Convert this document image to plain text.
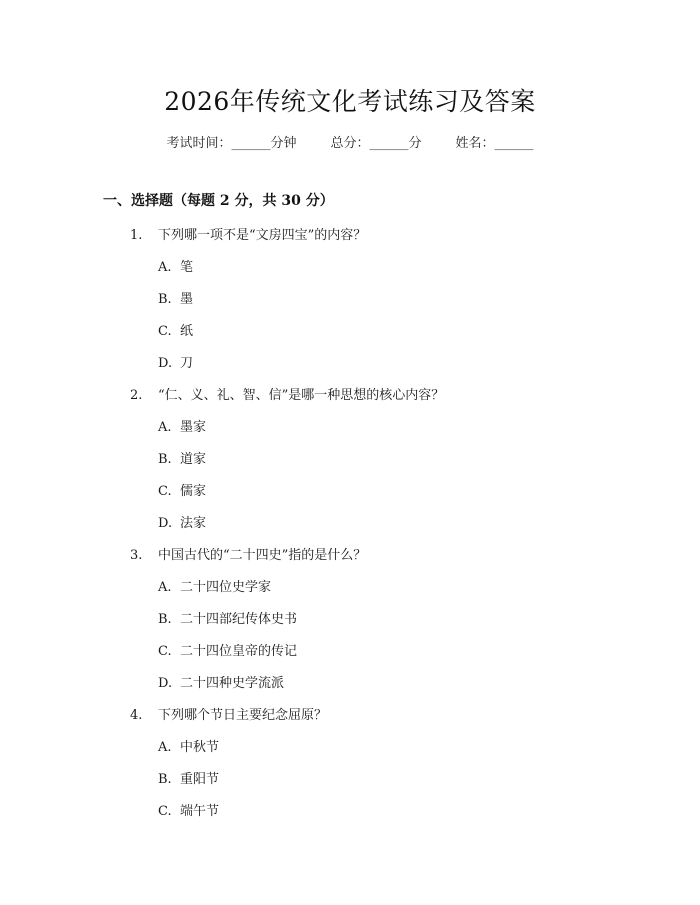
2026年传统文化考试练习及答案
考试时间：______分钟	总分：______分	姓名：______
一、选择题（每题 2 分，共 30 分）
1. 下列哪一项不是“文房四宝”的内容？
A. 笔
B. 墨
C. 纸
D. 刀
2. “仁、义、礼、智、信”是哪一种思想的核心内容？
A. 墨家
B. 道家
C. 儒家
D. 法家
3. 中国古代的“二十四史”指的是什么？
A. 二十四位史学家
B. 二十四部纪传体史书
C. 二十四位皇帝的传记
D. 二十四种史学流派
4. 下列哪个节日主要纪念屈原？
A. 中秋节
B. 重阳节
C. 端午节
